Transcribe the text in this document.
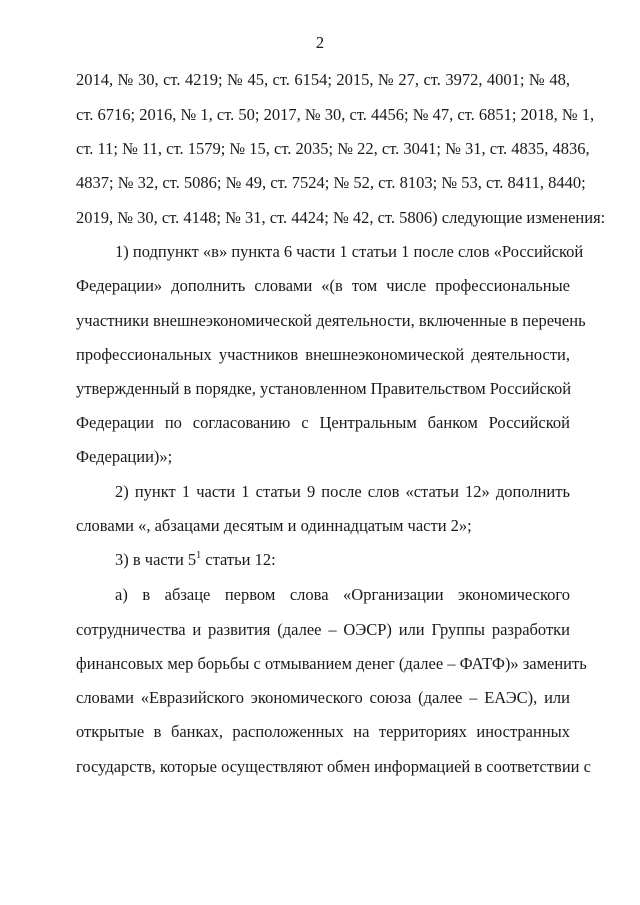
2
2014, № 30, ст. 4219; № 45, ст. 6154; 2015, № 27, ст. 3972, 4001; № 48,
ст. 6716; 2016, № 1, ст. 50; 2017, № 30, ст. 4456; № 47, ст. 6851; 2018, № 1,
ст. 11; № 11, ст. 1579; № 15, ст. 2035; № 22, ст. 3041; № 31, ст. 4835, 4836,
4837; № 32, ст. 5086; № 49, ст. 7524; № 52, ст. 8103; № 53, ст. 8411, 8440;
2019, № 30, ст. 4148; № 31, ст. 4424; № 42, ст. 5806) следующие изменения:
1) подпункт «в» пункта 6 части 1 статьи 1 после слов «Российской
Федерации» дополнить словами «(в том числе профессиональные
участники внешнеэкономической деятельности, включенные в перечень
профессиональных участников внешнеэкономической деятельности,
утвержденный в порядке, установленном Правительством Российской
Федерации по согласованию с Центральным банком Российской
Федерации)»;
2) пункт 1 части 1 статьи 9 после слов «статьи 12» дополнить
словами «, абзацами десятым и одиннадцатым части 2»;
3) в части $5^1$ статьи 12:
а) в абзаце первом слова «Организации экономического
сотрудничества и развития (далее – ОЭСР) или Группы разработки
финансовых мер борьбы с отмыванием денег (далее – ФАТФ)» заменить
словами «Евразийского экономического союза (далее – ЕАЭС), или
открытые в банках, расположенных на территориях иностранных
государств, которые осуществляют обмен информацией в соответствии с
